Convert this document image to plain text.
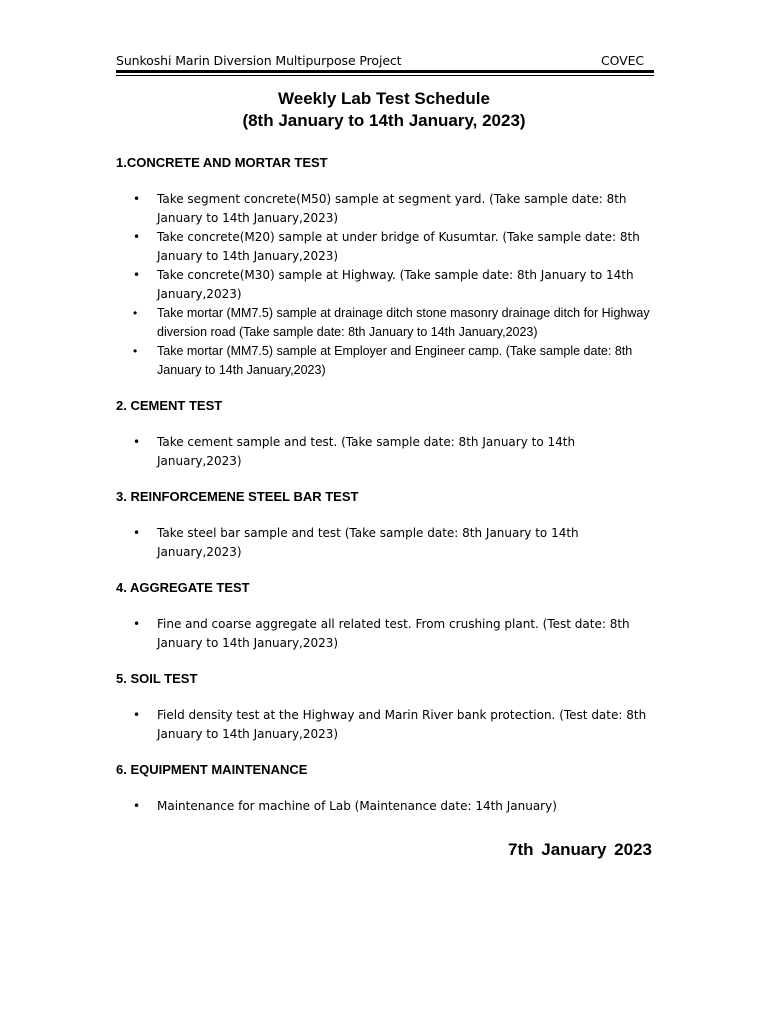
Sunkoshi Marin Diversion Multipurpose Project	COVEC
Weekly Lab Test Schedule
(8th January to 14th January, 2023)
1.CONCRETE AND MORTAR TEST
• Take segment concrete(M50) sample at segment yard. (Take sample date: 8th January to 14th January,2023)
• Take concrete(M20) sample at under bridge of Kusumtar. (Take sample date: 8th January to 14th January,2023)
• Take concrete(M30) sample at Highway. (Take sample date: 8th January to 14th January,2023)
• Take mortar (MM7.5) sample at drainage ditch stone masonry drainage ditch for Highway diversion road (Take sample date: 8th January to 14th January,2023)
• Take mortar (MM7.5) sample at Employer and Engineer camp. (Take sample date: 8th January to 14th January,2023)
2. CEMENT TEST
• Take cement sample and test. (Take sample date: 8th January to 14th January,2023)
3. REINFORCEMENE STEEL BAR TEST
• Take steel bar sample and test (Take sample date: 8th January to 14th January,2023)
4. AGGREGATE TEST
• Fine and coarse aggregate all related test. From crushing plant. (Test date: 8th January to 14th January,2023)
5. SOIL TEST
• Field density test at the Highway and Marin River bank protection. (Test date: 8th January to 14th January,2023)
6. EQUIPMENT MAINTENANCE
• Maintenance for machine of Lab (Maintenance date: 14th January)
7th January 2023
